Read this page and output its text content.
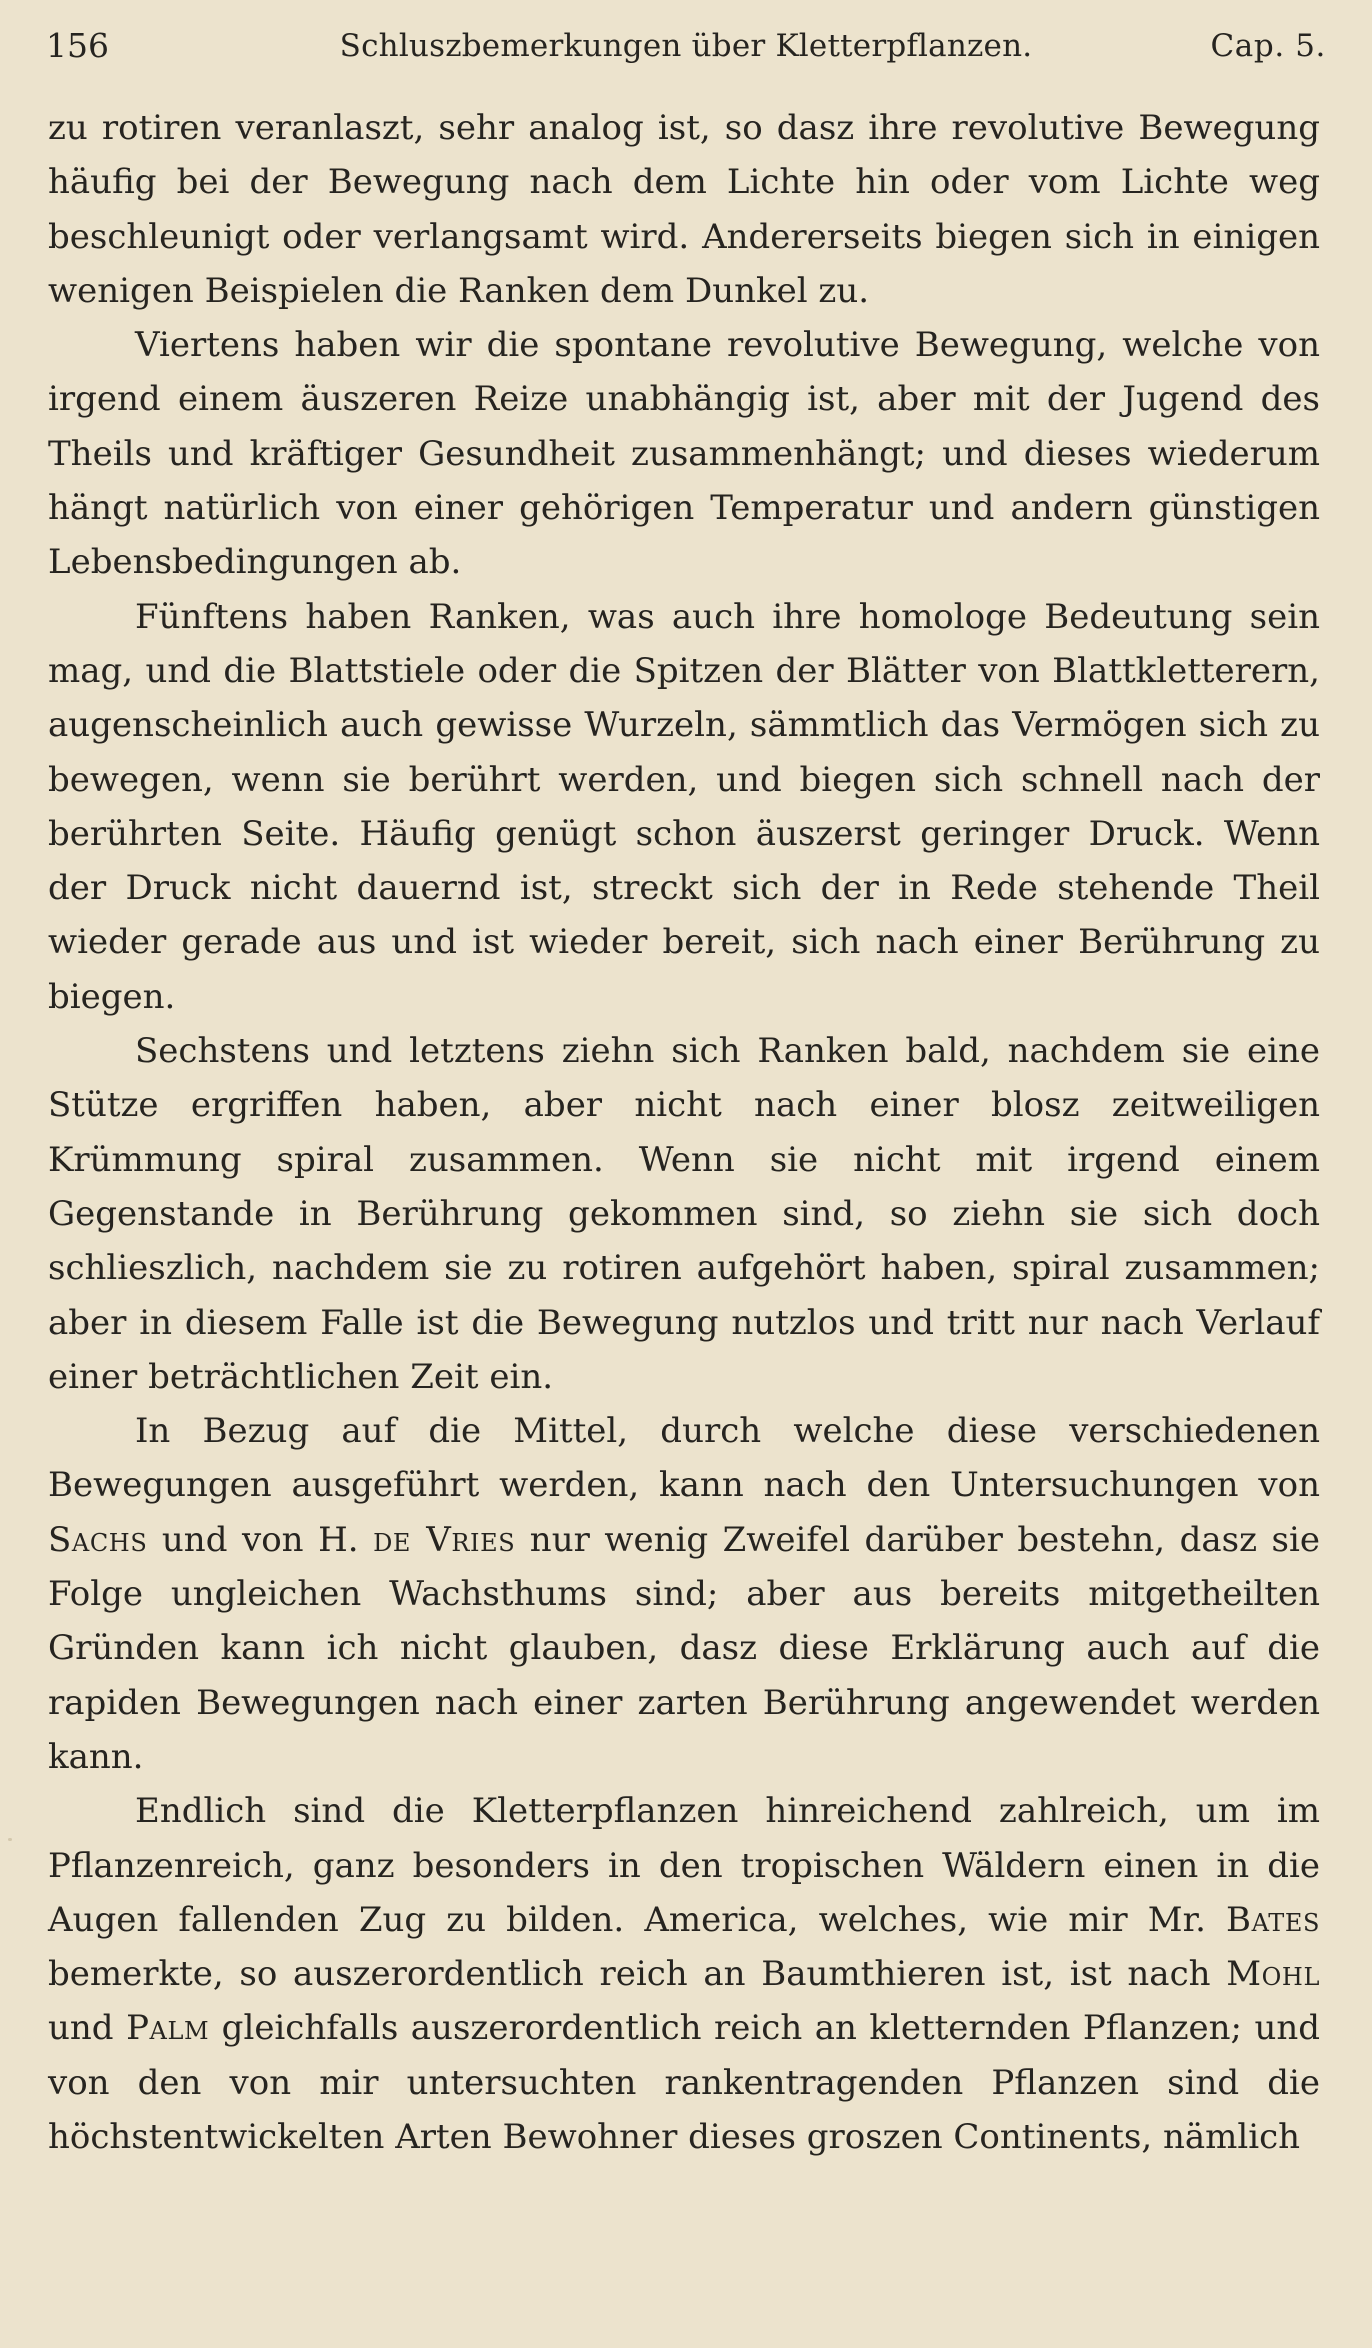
156	Schluszbemerkungen über Kletterpflanzen.	Cap. 5.

zu rotiren veranlaszt, sehr analog ist, so dasz ihre revolutive Bewegung häufig bei der Bewegung nach dem Lichte hin oder vom Lichte weg beschleunigt oder verlangsamt wird. Andererseits biegen sich in einigen wenigen Beispielen die Ranken dem Dunkel zu.

Viertens haben wir die spontane revolutive Bewegung, welche von irgend einem äuszeren Reize unabhängig ist, aber mit der Jugend des Theils und kräftiger Gesundheit zusammenhängt; und dieses wiederum hängt natürlich von einer gehörigen Temperatur und andern günstigen Lebensbedingungen ab.

Fünftens haben Ranken, was auch ihre homologe Bedeutung sein mag, und die Blattstiele oder die Spitzen der Blätter von Blattkletterern, augenscheinlich auch gewisse Wurzeln, sämmtlich das Vermögen sich zu bewegen, wenn sie berührt werden, und biegen sich schnell nach der berührten Seite. Häufig genügt schon äuszerst geringer Druck. Wenn der Druck nicht dauernd ist, streckt sich der in Rede stehende Theil wieder gerade aus und ist wieder bereit, sich nach einer Berührung zu biegen.

Sechstens und letztens ziehn sich Ranken bald, nachdem sie eine Stütze ergriffen haben, aber nicht nach einer blosz zeitweiligen Krümmung spiral zusammen. Wenn sie nicht mit irgend einem Gegenstande in Berührung gekommen sind, so ziehn sie sich doch schlieszlich, nachdem sie zu rotiren aufgehört haben, spiral zusammen; aber in diesem Falle ist die Bewegung nutzlos und tritt nur nach Verlauf einer beträchtlichen Zeit ein.

In Bezug auf die Mittel, durch welche diese verschiedenen Bewegungen ausgeführt werden, kann nach den Untersuchungen von Sachs und von H. de Vries nur wenig Zweifel darüber bestehn, dasz sie Folge ungleichen Wachsthums sind; aber aus bereits mitgetheilten Gründen kann ich nicht glauben, dasz diese Erklärung auch auf die rapiden Bewegungen nach einer zarten Berührung angewendet werden kann.

Endlich sind die Kletterpflanzen hinreichend zahlreich, um im Pflanzenreich, ganz besonders in den tropischen Wäldern einen in die Augen fallenden Zug zu bilden. America, welches, wie mir Mr. Bates bemerkte, so auszerordentlich reich an Baumthieren ist, ist nach Mohl und Palm gleichfalls auszerordentlich reich an kletternden Pflanzen; und von den von mir untersuchten rankentragenden Pflanzen sind die höchstentwickelten Arten Bewohner dieses groszen Continents, nämlich
